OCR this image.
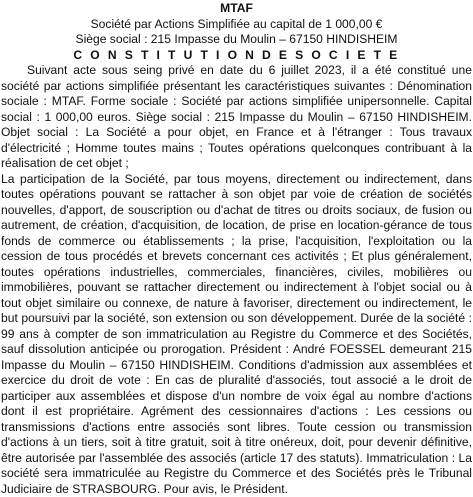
MTAF

Société par Actions Simplifiée au capital de 1 000,00 €

Siège social : 215 Impasse du Moulin – 67150 HINDISHEIM

C O N S T I T U T I O N D E S O C I E T E

Suivant acte sous seing privé en date du 6 juillet 2023, il a été constitué une société par actions simplifiée présentant les caractéristiques suivantes : Dénomination sociale : MTAF. Forme sociale : Société par actions simplifiée unipersonnelle. Capital social : 1 000,00 euros. Siège social : 215 Impasse du Moulin – 67150 HINDISHEIM. Objet social : La Société a pour objet, en France et à l'étranger : Tous travaux d'électricité ; Homme toutes mains ; Toutes opérations quelconques contribuant à la réalisation de cet objet ;

La participation de la Société, par tous moyens, directement ou indirectement, dans toutes opérations pouvant se rattacher à son objet par voie de création de sociétés nouvelles, d'apport, de souscription ou d'achat de titres ou droits sociaux, de fusion ou autrement, de création, d'acquisition, de location, de prise en location-gérance de tous fonds de commerce ou établissements ; la prise, l'acquisition, l'exploitation ou la cession de tous procédés et brevets concernant ces activités ; Et plus généralement, toutes opérations industrielles, commerciales, financières, civiles, mobilières ou immobilières, pouvant se rattacher directement ou indirectement à l'objet social ou à tout objet similaire ou connexe, de nature à favoriser, directement ou indirectement, le but poursuivi par la société, son extension ou son développement. Durée de la société : 99 ans à compter de son immatriculation au Registre du Commerce et des Sociétés, sauf dissolution anticipée ou prorogation. Président : André FOESSEL demeurant 215 Impasse du Moulin – 67150 HINDISHEIM. Conditions d'admission aux assemblées et exercice du droit de vote : En cas de pluralité d'associés, tout associé a le droit de participer aux assemblées et dispose d'un nombre de voix égal au nombre d'actions dont il est propriétaire. Agrément des cessionnaires d'actions : Les cessions ou transmissions d'actions entre associés sont libres. Toute cession ou transmission d'actions à un tiers, soit à titre gratuit, soit à titre onéreux, doit, pour devenir définitive, être autorisée par l'assemblée des associés (article 17 des statuts). Immatriculation : La société sera immatriculée au Registre du Commerce et des Sociétés près le Tribunal Judiciaire de STRASBOURG. Pour avis, le Président.
